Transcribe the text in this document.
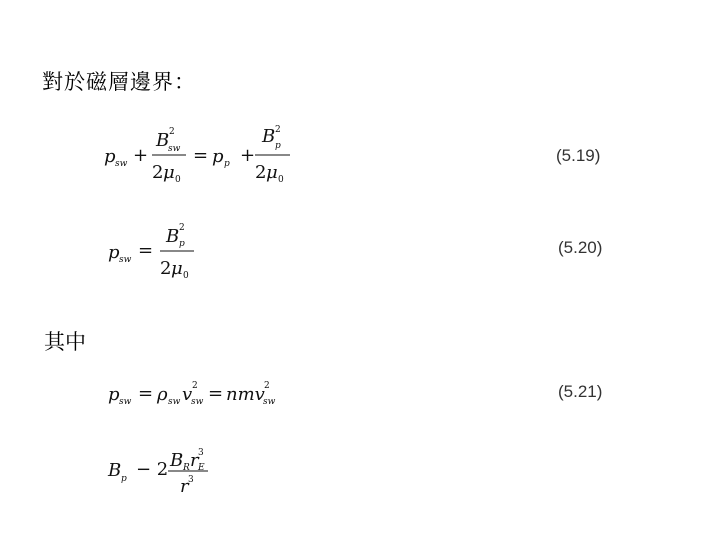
對於磁層邊界：
p sw +
B 2
sw
2 μ 0
= p p +
B 2
p
2 μ 0
(5.19)
p sw =
B 2
p
2 μ 0
(5.20)
其中
p sw = ρ sw v 2
sw = nmv 2
sw
(5.21)
B p − 2 B R r 3
E
r 3
